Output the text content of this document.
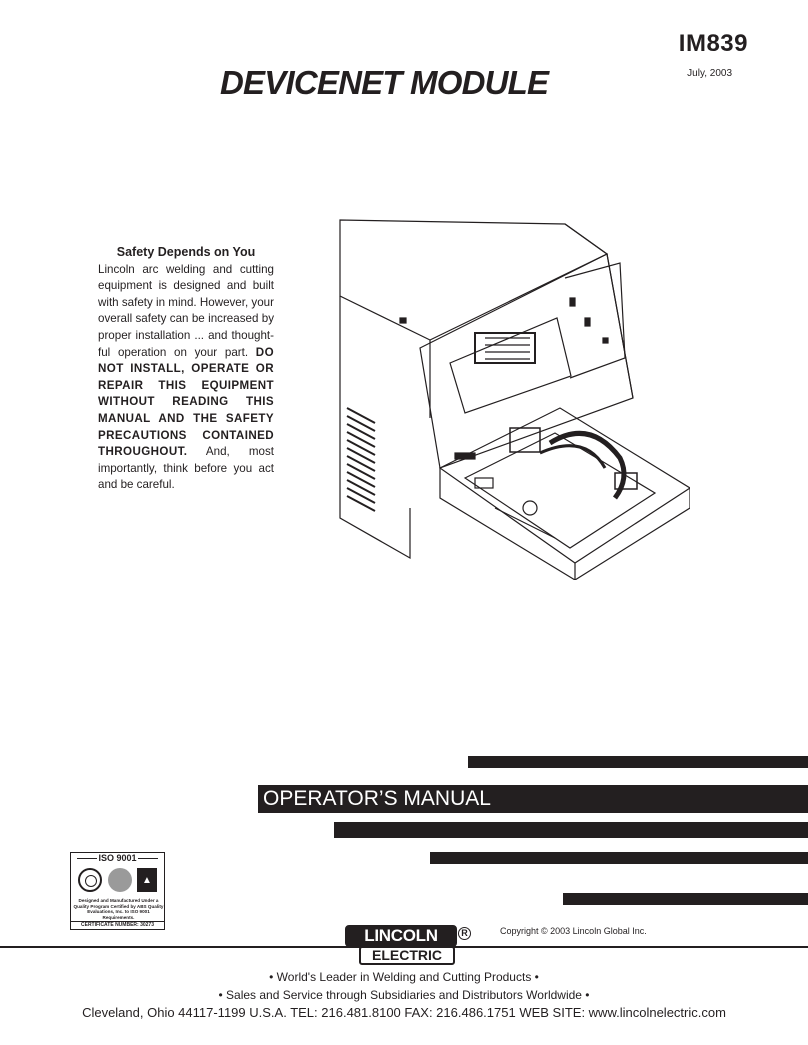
IM839
July, 2003
DEVICENET MODULE
Safety Depends on You
Lincoln arc welding and cutting equipment is designed and built with safety in mind. However, your overall safety can be increased by proper installation ... and thought-ful operation on your part. DO NOT INSTALL, OPERATE OR REPAIR THIS EQUIPMENT WITHOUT READING THIS MANUAL AND THE SAFETY PRECAUTIONS CONTAINED THROUGHOUT. And, most importantly, think before you act and be careful.
OPERATOR’S MANUAL
ISO 9001
▲
Designed and Manufactured Under a Quality Program Certified by ABS Quality Evaluations, Inc. to ISO 9001 Requirements.
CERTIFICATE NUMBER: 30273
Copyright © 2003 Lincoln Global Inc.
LINCOLN
ELECTRIC
R
• World's Leader in Welding and Cutting Products •
• Sales and Service through Subsidiaries and Distributors Worldwide •
Cleveland, Ohio 44117-1199 U.S.A. TEL: 216.481.8100 FAX: 216.486.1751 WEB SITE: www.lincolnelectric.com
